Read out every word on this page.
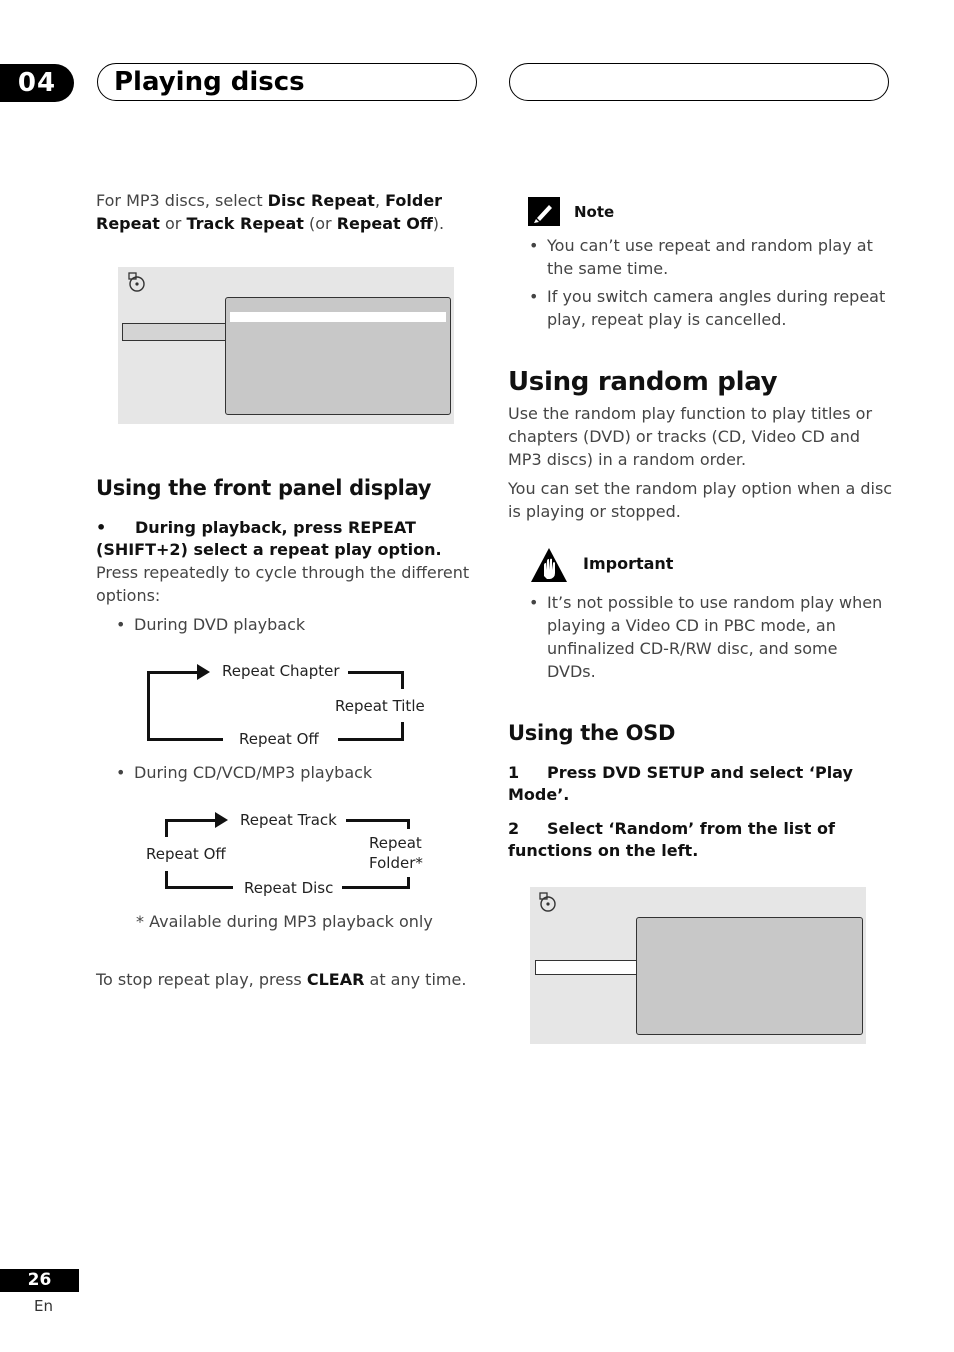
04	Playing discs
For MP3 discs, select Disc Repeat, Folder Repeat or Track Repeat (or Repeat Off).
Using the front panel display
• During playback, press REPEAT (SHIFT+2) select a repeat play option.
Press repeatedly to cycle through the different options:
• During DVD playback
Repeat Chapter
Repeat Title
Repeat Off
• During CD/VCD/MP3 playback
Repeat Track
Repeat Off
Repeat
Folder*
Repeat Disc
* Available during MP3 playback only
To stop repeat play, press CLEAR at any time.
Note
• You can’t use repeat and random play at
the same time.
• If you switch camera angles during repeat
play, repeat play is cancelled.
Using random play
Use the random play function to play titles or
chapters (DVD) or tracks (CD, Video CD and
MP3 discs) in a random order.
You can set the random play option when a disc
is playing or stopped.
Important
• It’s not possible to use random play when
playing a Video CD in PBC mode, an
unfinalized CD-R/RW disc, and some
DVDs.
Using the OSD
1 Press DVD SETUP and select ‘Play
Mode’.
2 Select ‘Random’ from the list of
functions on the left.
26
En
